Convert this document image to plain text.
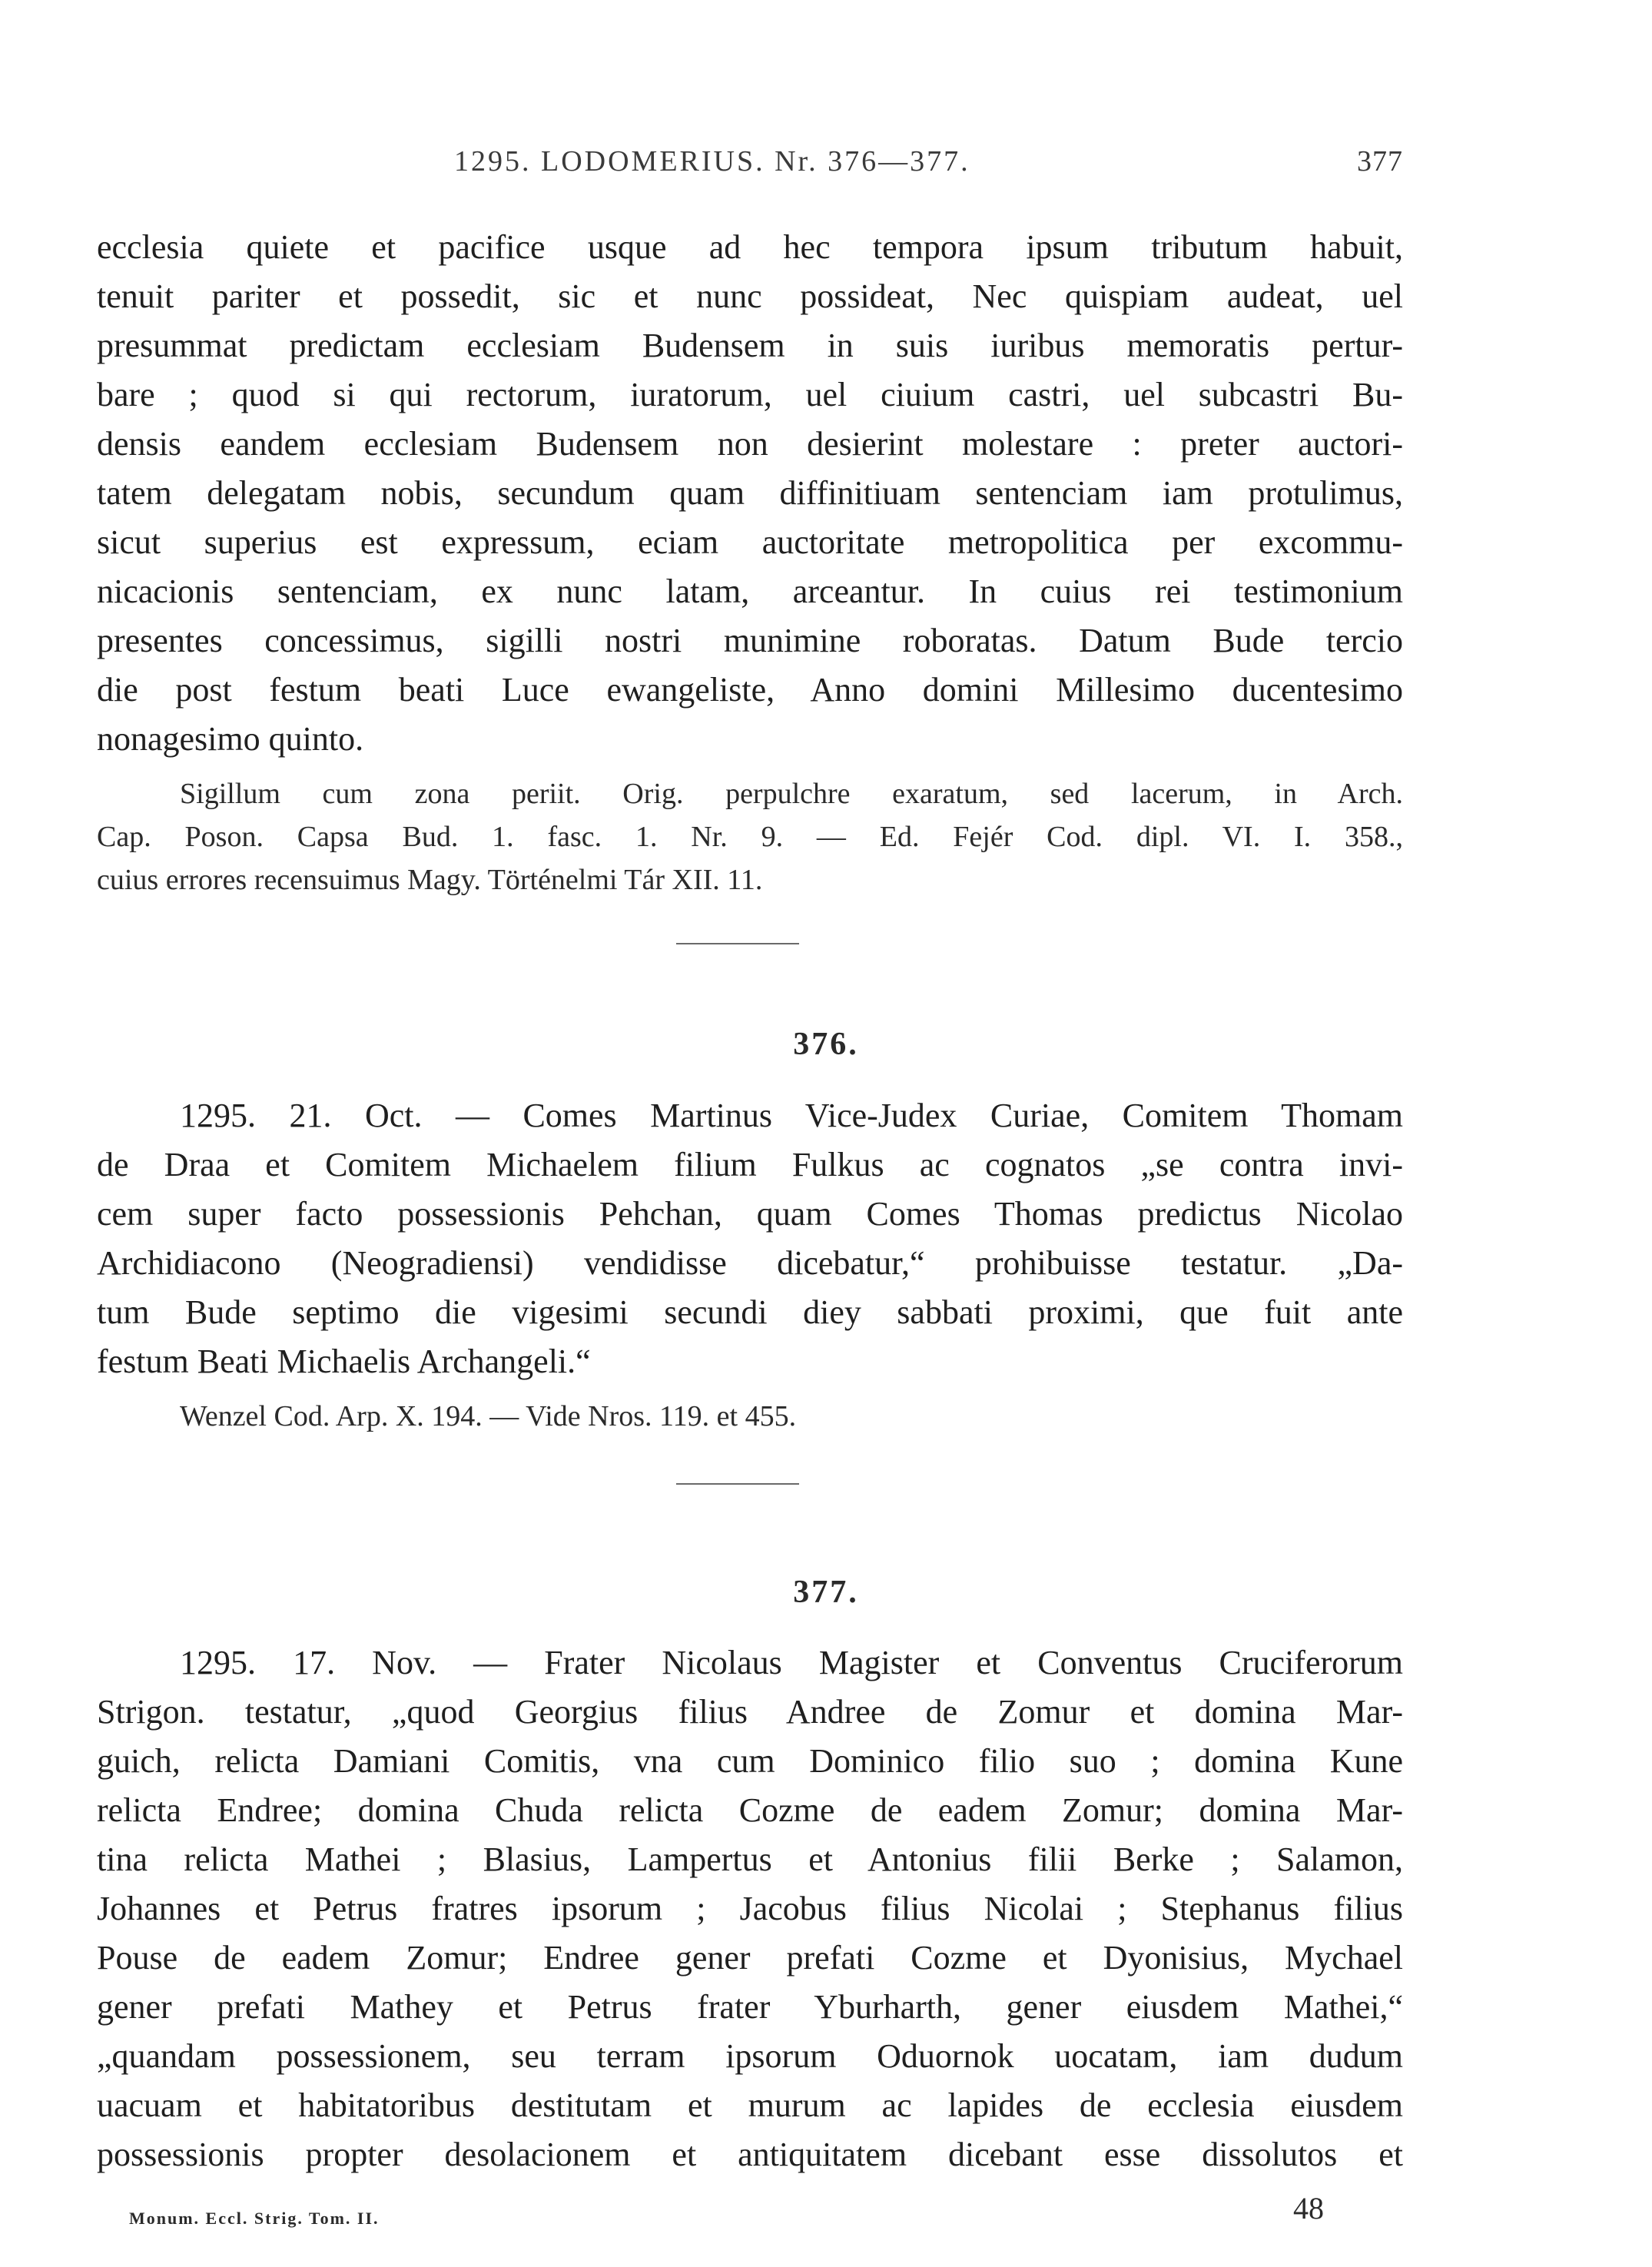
1295. LODOMERIUS. Nr. 376—377.	377
ecclesia quiete et pacifice usque ad hec tempora ipsum tributum habuit,
tenuit pariter et possedit, sic et nunc possideat, Nec quispiam audeat, uel
presummat predictam ecclesiam Budensem in suis iuribus memoratis pertur-
bare ; quod si qui rectorum, iuratorum, uel ciuium castri, uel subcastri Bu-
densis eandem ecclesiam Budensem non desierint molestare : preter auctori-
tatem delegatam nobis, secundum quam diffinitiuam sentenciam iam protulimus,
sicut superius est expressum, eciam auctoritate metropolitica per excommu-
nicacionis sentenciam, ex nunc latam, arceantur. In cuius rei testimonium
presentes concessimus, sigilli nostri munimine roboratas. Datum Bude tercio
die post festum beati Luce ewangeliste, Anno domini Millesimo ducentesimo
nonagesimo quinto.
Sigillum cum zona periit. Orig. perpulchre exaratum, sed lacerum, in Arch.
Cap. Poson. Capsa Bud. 1. fasc. 1. Nr. 9. — Ed. Fejér Cod. dipl. VI. I. 358.,
cuius errores recensuimus Magy. Történelmi Tár XII. 11.
376.
1295. 21. Oct. — Comes Martinus Vice-Judex Curiae, Comitem Thomam
de Draa et Comitem Michaelem filium Fulkus ac cognatos „se contra invi-
cem super facto possessionis Pehchan, quam Comes Thomas predictus Nicolao
Archidiacono (Neogradiensi) vendidisse dicebatur,“ prohibuisse testatur. „Da-
tum Bude septimo die vigesimi secundi diey sabbati proximi, que fuit ante
festum Beati Michaelis Archangeli.“
Wenzel Cod. Arp. X. 194. — Vide Nros. 119. et 455.
377.
1295. 17. Nov. — Frater Nicolaus Magister et Conventus Cruciferorum
Strigon. testatur, „quod Georgius filius Andree de Zomur et domina Mar-
guich, relicta Damiani Comitis, vna cum Dominico filio suo ; domina Kune
relicta Endree; domina Chuda relicta Cozme de eadem Zomur; domina Mar-
tina relicta Mathei ; Blasius, Lampertus et Antonius filii Berke ; Salamon,
Johannes et Petrus fratres ipsorum ; Jacobus filius Nicolai ; Stephanus filius
Pouse de eadem Zomur; Endree gener prefati Cozme et Dyonisius, Mychael
gener prefati Mathey et Petrus frater Yburharth, gener eiusdem Mathei,“
„quandam possessionem, seu terram ipsorum Oduornok uocatam, iam dudum
uacuam et habitatoribus destitutam et murum ac lapides de ecclesia eiusdem
possessionis propter desolacionem et antiquitatem dicebant esse dissolutos et
Monum. Eccl. Strig. Tom. II.	48
